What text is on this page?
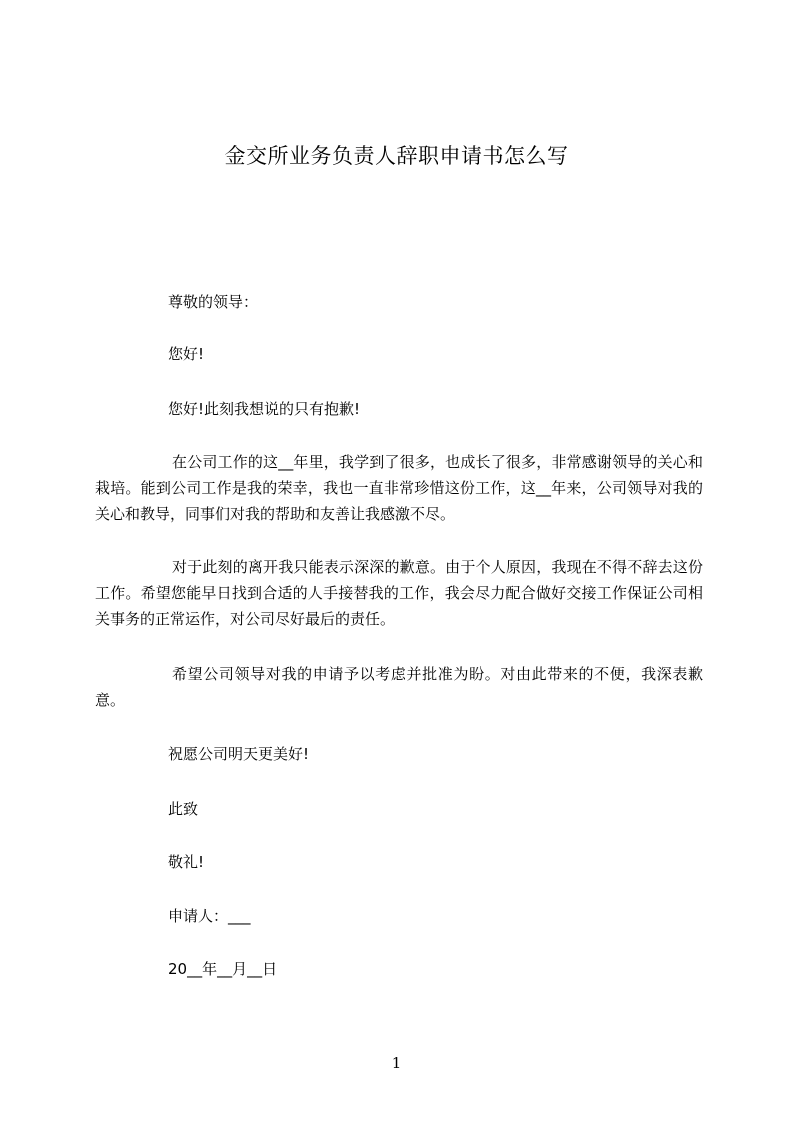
金交所业务负责人辞职申请书怎么写

尊敬的领导：

您好!

您好!此刻我想说的只有抱歉!

在公司工作的这__年里，我学到了很多，也成长了很多，非常感谢领导的关心和栽培。能到公司工作是我的荣幸，我也一直非常珍惜这份工作，这__年来，公司领导对我的关心和教导，同事们对我的帮助和友善让我感激不尽。

对于此刻的离开我只能表示深深的歉意。由于个人原因，我现在不得不辞去这份工作。希望您能早日找到合适的人手接替我的工作，我会尽力配合做好交接工作保证公司相关事务的正常运作，对公司尽好最后的责任。

希望公司领导对我的申请予以考虑并批准为盼。对由此带来的不便，我深表歉意。

祝愿公司明天更美好!

此致

敬礼!

申请人：___

20__年__月__日

1
